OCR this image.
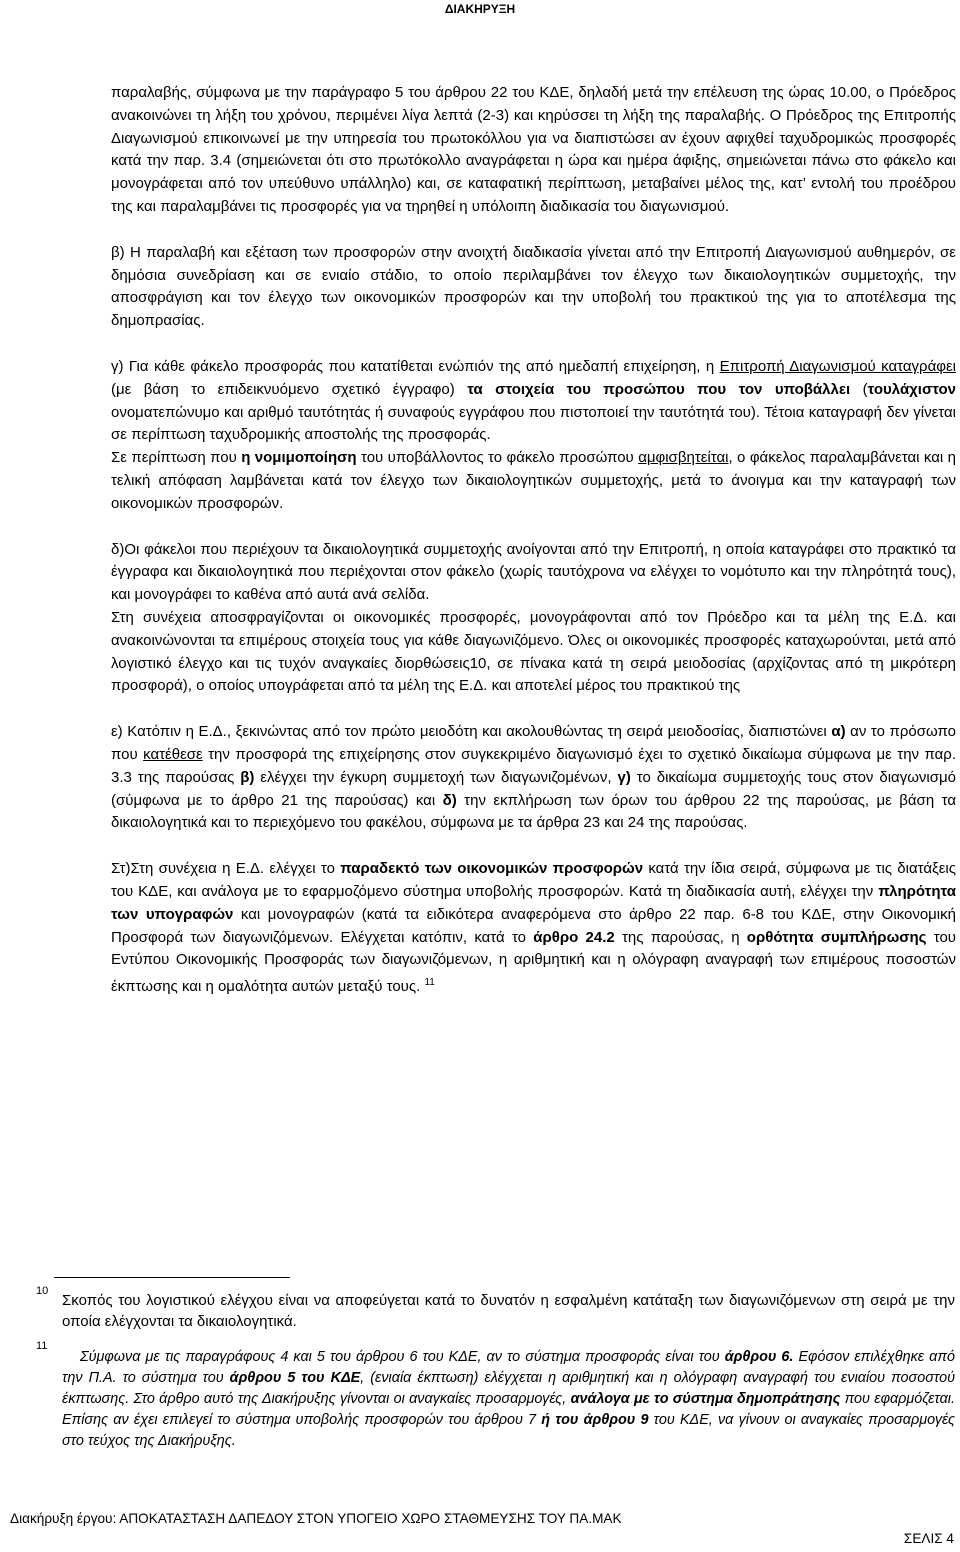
ΔΙΑΚΗΡΥΞΗ

παραλαβής, σύμφωνα με την παράγραφο 5 του άρθρου 22 του ΚΔΕ, δηλαδή μετά την επέλευση της ώρας 10.00, ο Πρόεδρος ανακοινώνει τη λήξη του χρόνου, περιμένει λίγα λεπτά (2-3) και κηρύσσει τη λήξη της παραλαβής. Ο Πρόεδρος της Επιτροπής Διαγωνισμού επικοινωνεί με την υπηρεσία του πρωτοκόλλου για να διαπιστώσει αν έχουν αφιχθεί ταχυδρομικώς προσφορές κατά την παρ. 3.4 (σημειώνεται ότι στο πρωτόκολλο αναγράφεται η ώρα και ημέρα άφιξης, σημειώνεται πάνω στο φάκελο και μονογράφεται από τον υπεύθυνο υπάλληλο) και, σε καταφατική περίπτωση, μεταβαίνει μέλος της, κατ’ εντολή του προέδρου της και παραλαμβάνει τις προσφορές για να τηρηθεί η υπόλοιπη διαδικασία του διαγωνισμού.

β) Η παραλαβή και εξέταση των προσφορών στην ανοιχτή διαδικασία γίνεται από την Επιτροπή Διαγωνισμού αυθημερόν, σε δημόσια συνεδρίαση και σε ενιαίο στάδιο, το οποίο περιλαμβάνει τον έλεγχο των δικαιολογητικών συμμετοχής, την αποσφράγιση και τον έλεγχο των οικονομικών προσφορών και την υποβολή του πρακτικού της για το αποτέλεσμα της δημοπρασίας.

γ) Για κάθε φάκελο προσφοράς που κατατίθεται ενώπιόν της από ημεδαπή επιχείρηση, η Επιτροπή Διαγωνισμού καταγράφει (με βάση το επιδεικνυόμενο σχετικό έγγραφο) τα στοιχεία του προσώπου που τον υποβάλλει (τουλάχιστον ονοματεπώνυμο και αριθμό ταυτότητάς ή συναφούς εγγράφου που πιστοποιεί την ταυτότητά του). Τέτοια καταγραφή δεν γίνεται σε περίπτωση ταχυδρομικής αποστολής της προσφοράς.

Σε περίπτωση που η νομιμοποίηση του υποβάλλοντος το φάκελο προσώπου αμφισβητείται, ο φάκελος παραλαμβάνεται και η τελική απόφαση λαμβάνεται κατά τον έλεγχο των δικαιολογητικών συμμετοχής, μετά το άνοιγμα και την καταγραφή των οικονομικών προσφορών.

δ)Οι φάκελοι που περιέχουν τα δικαιολογητικά συμμετοχής ανοίγονται από την Επιτροπή, η οποία καταγράφει στο πρακτικό τα έγγραφα και δικαιολογητικά που περιέχονται στον φάκελο (χωρίς ταυτόχρονα να ελέγχει το νομότυπο και την πληρότητά τους), και μονογράφει το καθένα από αυτά ανά σελίδα.

Στη συνέχεια αποσφραγίζονται οι οικονομικές προσφορές, μονογράφονται από τον Πρόεδρο και τα μέλη της Ε.Δ. και ανακοινώνονται τα επιμέρους στοιχεία τους για κάθε διαγωνιζόμενο. Όλες οι οικονομικές προσφορές καταχωρούνται, μετά από λογιστικό έλεγχο και τις τυχόν αναγκαίες διορθώσεις10, σε πίνακα κατά τη σειρά μειοδοσίας (αρχίζοντας από τη μικρότερη προσφορά), ο οποίος υπογράφεται από τα μέλη της Ε.Δ. και αποτελεί μέρος του πρακτικού της

ε) Κατόπιν η Ε.Δ., ξεκινώντας από τον πρώτο μειοδότη και ακολουθώντας τη σειρά μειοδοσίας, διαπιστώνει α) αν το πρόσωπο που κατέθεσε την προσφορά της επιχείρησης στον συγκεκριμένο διαγωνισμό έχει το σχετικό δικαίωμα σύμφωνα με την παρ. 3.3 της παρούσας β) ελέγχει την έγκυρη συμμετοχή των διαγωνιζομένων, γ) το δικαίωμα συμμετοχής τους στον διαγωνισμό (σύμφωνα με το άρθρο 21 της παρούσας) και δ) την εκπλήρωση των όρων του άρθρου 22 της παρούσας, με βάση τα δικαιολογητικά και το περιεχόμενο του φακέλου, σύμφωνα με τα άρθρα 23 και 24 της παρούσας.

Στ)Στη συνέχεια η Ε.Δ. ελέγχει το παραδεκτό των οικονομικών προσφορών κατά την ίδια σειρά, σύμφωνα με τις διατάξεις του ΚΔΕ, και ανάλογα με το εφαρμοζόμενο σύστημα υποβολής προσφορών. Κατά τη διαδικασία αυτή, ελέγχει την πληρότητα των υπογραφών και μονογραφών (κατά τα ειδικότερα αναφερόμενα στο άρθρο 22 παρ. 6-8 του ΚΔΕ, στην Οικονομική Προσφορά των διαγωνιζόμενων. Ελέγχεται κατόπιν, κατά το άρθρο 24.2 της παρούσας, η ορθότητα συμπλήρωσης του Εντύπου Οικονομικής Προσφοράς των διαγωνιζόμενων, η αριθμητική και η ολόγραφη αναγραφή των επιμέρους ποσοστών έκπτωσης και η ομαλότητα αυτών μεταξύ τους. $^{11}$

10
Σκοπός του λογιστικού ελέγχου είναι να αποφεύγεται κατά το δυνατόν η εσφαλμένη κατάταξη των διαγωνιζόμενων στη σειρά με την οποία ελέγχονται τα δικαιολογητικά.
11
Σύμφωνα με τις παραγράφους 4 και 5 του άρθρου 6 του ΚΔΕ, αν το σύστημα προσφοράς είναι του άρθρου 6. Εφόσον επιλέχθηκε από την Π.Α. το σύστημα του άρθρου 5 του ΚΔΕ, (ενιαία έκπτωση) ελέγχεται η αριθμητική και η ολόγραφη αναγραφή του ενιαίου ποσοστού έκπτωσης. Στο άρθρο αυτό της Διακήρυξης γίνονται οι αναγκαίες προσαρμογές, ανάλογα με το σύστημα δημοπράτησης που εφαρμόζεται. Επίσης αν έχει επιλεγεί το σύστημα υποβολής προσφορών του άρθρου 7 ή του άρθρου 9 του ΚΔΕ, να γίνουν οι αναγκαίες προσαρμογές στο τεύχος της Διακήρυξης.
Διακήρυξη έργου: ΑΠΟΚΑΤΑΣΤΑΣΗ ΔΑΠΕΔΟΥ ΣΤΟΝ ΥΠΟΓΕΙΟ ΧΩΡΟ ΣΤΑΘΜΕΥΣΗΣ ΤΟΥ ΠΑ.ΜΑΚ
ΣΕΛΙΣ 4
